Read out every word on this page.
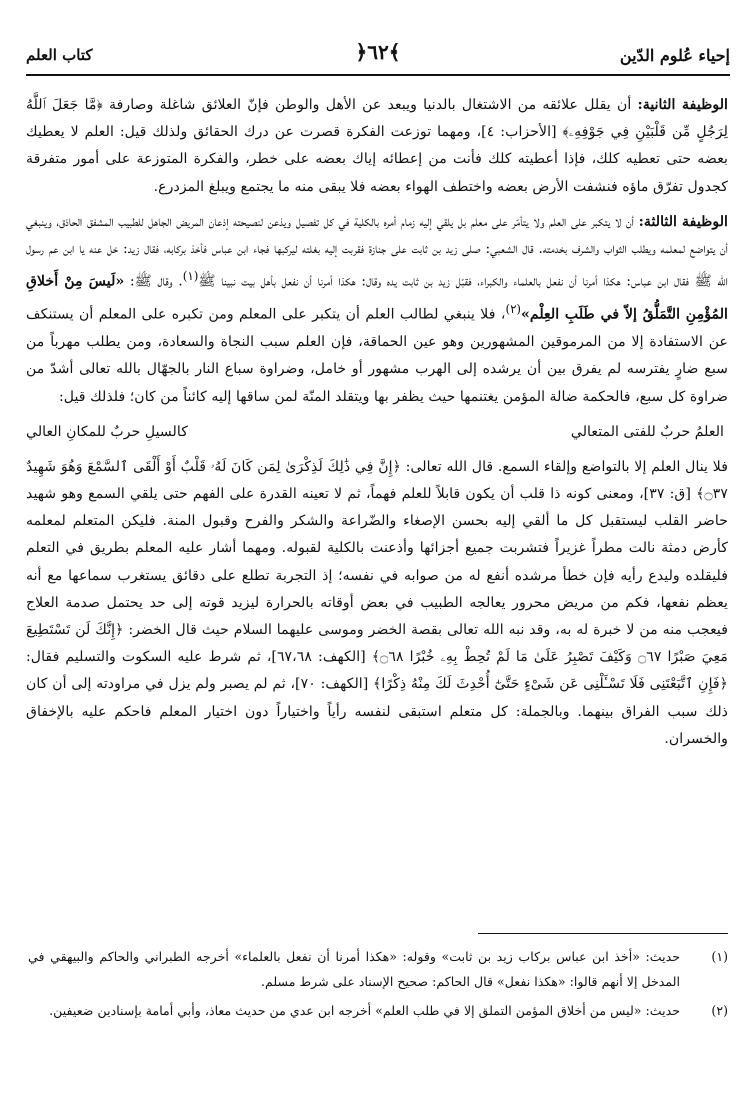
إحياء عُلوم الدّين
﴿٦٢﴾
كتاب العلم

الوظيفة الثانية: أن يقلل علائقه من الاشتغال بالدنيا ويبعد عن الأهل والوطن فإنّ العلائق شاغلة وصارفة ﴿مَّا جَعَلَ ٱللَّهُ لِرَجُلٍ مِّن قَلْبَيْنِ فِي جَوْفِهِۦ﴾ [الأحزاب: ٤]، ومهما توزعت الفكرة قصرت عن درك الحقائق ولذلك قيل: العلم لا يعطيك بعضه حتى تعطيه كلك، فإذا أعطيته كلك فأنت من إعطائه إياك بعضه على خطر، والفكرة المتوزعة على أمور متفرقة كجدول تفرّق ماؤه فنشفت الأرض بعضه واختطف الهواء بعضه فلا يبقى منه ما يجتمع ويبلغ المزدرع.

الوظيفة الثالثة: أن لا يتكبر على العلم ولا يتأمّر على معلم بل يلقي إليه زمام أمره بالكلية في كل تفصيل ويذعن لنصيحته إذعان المريض الجاهل للطبيب المشفق الحاذق، وينبغي أن يتواضع لمعلمه ويطلب الثواب والشرف بخدمته. قال الشعبي: صلى زيد بن ثابت على جنازة فقربت إليه بغلته ليركبها فجاء ابن عباس فأخذ بركابه، فقال زيد: خل عنه يا ابن عم رسول الله ﷺ فقال ابن عباس: هكذا أمرنا أن نفعل بالعلماء والكبراء، فقبّل زيد بن ثابت يده وقال: هكذا أمرنا أن نفعل بأهل بيت نبينا ﷺ$^{(١)}$. وقال ﷺ: «لَيسَ مِنْ أَخلاقِ المُؤْمِنِ التَّمَلُّقُ إلاّ في طَلَبِ العِلْم»$^{(٢)}$، فلا ينبغي لطالب العلم أن يتكبر على المعلم ومن تكبره على المعلم أن يستنكف عن الاستفادة إلا من المرموقين المشهورين وهو عين الحماقة، فإن العلم سبب النجاة والسعادة، ومن يطلب مهرباً من سبع ضارٍ يفترسه لم يفرق بين أن يرشده إلى الهرب مشهور أو خامل، وضراوة سباع النار بالجهّال بالله تعالى أشدّ من ضراوة كل سبع، فالحكمة ضالة المؤمن يغتنمها حيث يظفر بها ويتقلد المنّة لمن ساقها إليه كائناً من كان؛ فلذلك قيل:

العلمُ حربٌ للفتى المتعالي
كالسيلِ حربٌ للمكانِ العالي

فلا ينال العلم إلا بالتواضع وإلقاء السمع. قال الله تعالى: ﴿إِنَّ فِي ذَٰلِكَ لَذِكْرَىٰ لِمَن كَانَ لَهُۥ قَلْبٌ أَوْ أَلْقَى ٱلسَّمْعَ وَهُوَ شَهِيدٌ ۝٣٧﴾ [ق: ٣٧]، ومعنى كونه ذا قلب أن يكون قابلاً للعلم فهماً، ثم لا تعينه القدرة على الفهم حتى يلقي السمع وهو شهيد حاضر القلب ليستقبل كل ما ألقي إليه بحسن الإصغاء والضّراعة والشكر والفرح وقبول المنة. فليكن المتعلم لمعلمه كأرض دمثة نالت مطراً غزيراً فتشربت جميع أجزائها وأذعنت بالكلية لقبوله. ومهما أشار عليه المعلم بطريق في التعلم فليقلده وليدع رأيه فإن خطأ مرشده أنفع له من صوابه في نفسه؛ إذ التجربة تطلع على دقائق يستغرب سماعها مع أنه يعظم نفعها، فكم من مريض محرور يعالجه الطبيب في بعض أوقاته بالحرارة ليزيد قوته إلى حد يحتمل صدمة العلاج فيعجب منه من لا خبرة له به، وقد نبه الله تعالى بقصة الخضر وموسى عليهما السلام حيث قال الخضر: ﴿إِنَّكَ لَن تَسْتَطِيعَ مَعِيَ صَبْرًا ۝٦٧ وَكَيْفَ تَصْبِرُ عَلَىٰ مَا لَمْ تُحِطْ بِهِۦ خُبْرًا ۝٦٨﴾ [الكهف: ٦٧،٦٨]، ثم شرط عليه السكوت والتسليم فقال: ﴿فَإِنِ ٱتَّبَعْتَنِى فَلَا تَسْـَٔلْنِى عَن شَىْءٍ حَتَّىٰٓ أُحْدِثَ لَكَ مِنْهُ ذِكْرًا﴾ [الكهف: ٧٠]، ثم لم يصبر ولم يزل في مراودته إلى أن كان ذلك سبب الفراق بينهما. وبالجملة: كل متعلم استبقى لنفسه رأياً واختياراً دون اختيار المعلم فاحكم عليه بالإخفاق والخسران.

(١)
حديث: «أخذ ابن عباس بركاب زيد بن ثابت» وقوله: «هكذا أمرنا أن نفعل بالعلماء» أخرجه الطبراني والحاكم والبيهقي في المدخل إلا أنهم قالوا: «هكذا نفعل» قال الحاكم: صحيح الإسناد على شرط مسلم.
(٢)
حديث: «ليس من أخلاق المؤمن التملق إلا في طلب العلم» أخرجه ابن عدي من حديث معاذ، وأبي أمامة بإسنادين ضعيفين.
